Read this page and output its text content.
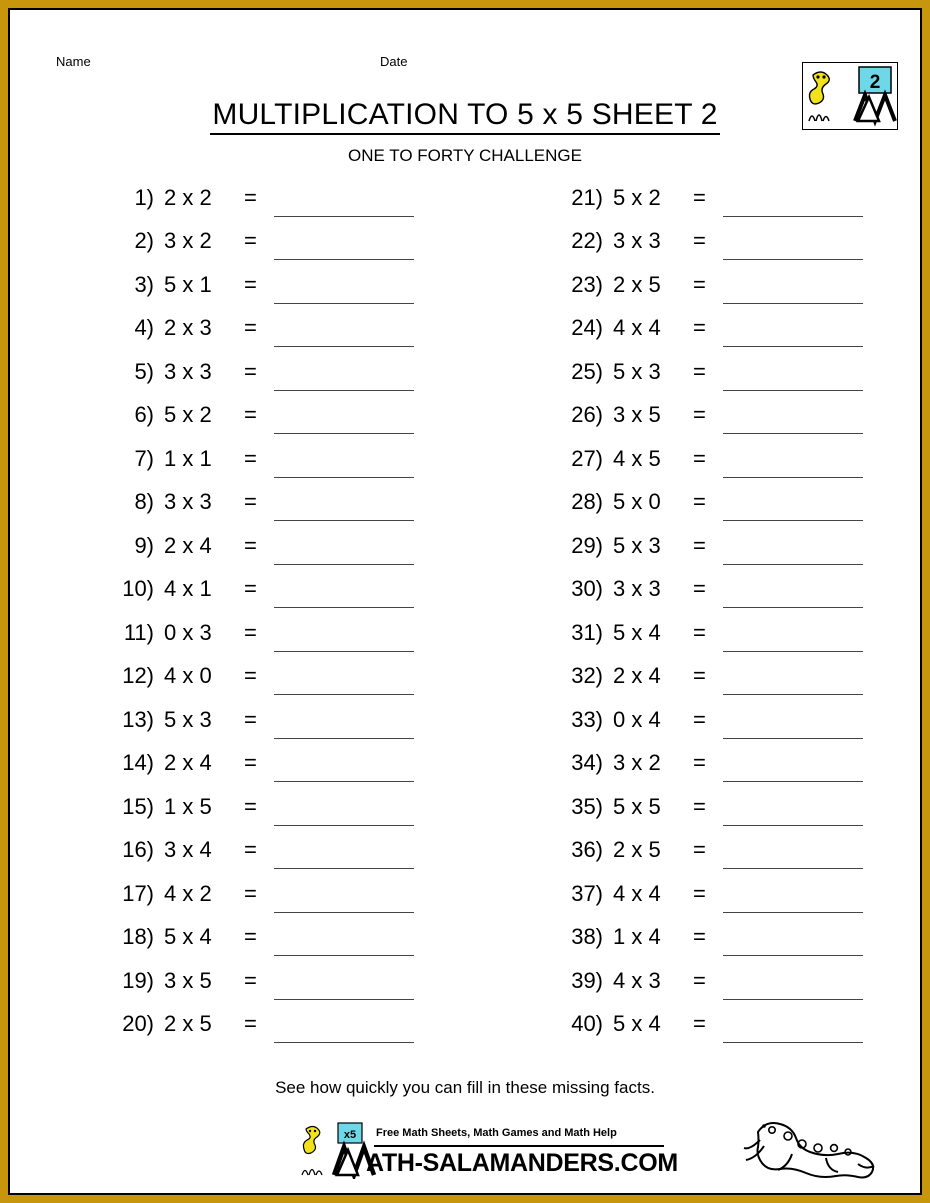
Name	Date
2
MULTIPLICATION TO 5 x 5 SHEET 2
ONE TO FORTY CHALLENGE
1) 2 x 2	=
2) 3 x 2	=
3) 5 x 1	=
4) 2 x 3	=
5) 3 x 3	=
6) 5 x 2	=
7) 1 x 1	=
8) 3 x 3	=
9) 2 x 4	=
10) 4 x 1	=
11) 0 x 3	=
12) 4 x 0	=
13) 5 x 3	=
14) 2 x 4	=
15) 1 x 5	=
16) 3 x 4	=
17) 4 x 2	=
18) 5 x 4	=
19) 3 x 5	=
20) 2 x 5	=
21) 5 x 2	=
22) 3 x 3	=
23) 2 x 5	=
24) 4 x 4	=
25) 5 x 3	=
26) 3 x 5	=
27) 4 x 5	=
28) 5 x 0	=
29) 5 x 3	=
30) 3 x 3	=
31) 5 x 4	=
32) 2 x 4	=
33) 0 x 4	=
34) 3 x 2	=
35) 5 x 5	=
36) 2 x 5	=
37) 4 x 4	=
38) 1 x 4	=
39) 4 x 3	=
40) 5 x 4	=
See how quickly you can fill in these missing facts.
x5 Free Math Sheets, Math Games and Math Help
ATH-SALAMANDERS.COM
